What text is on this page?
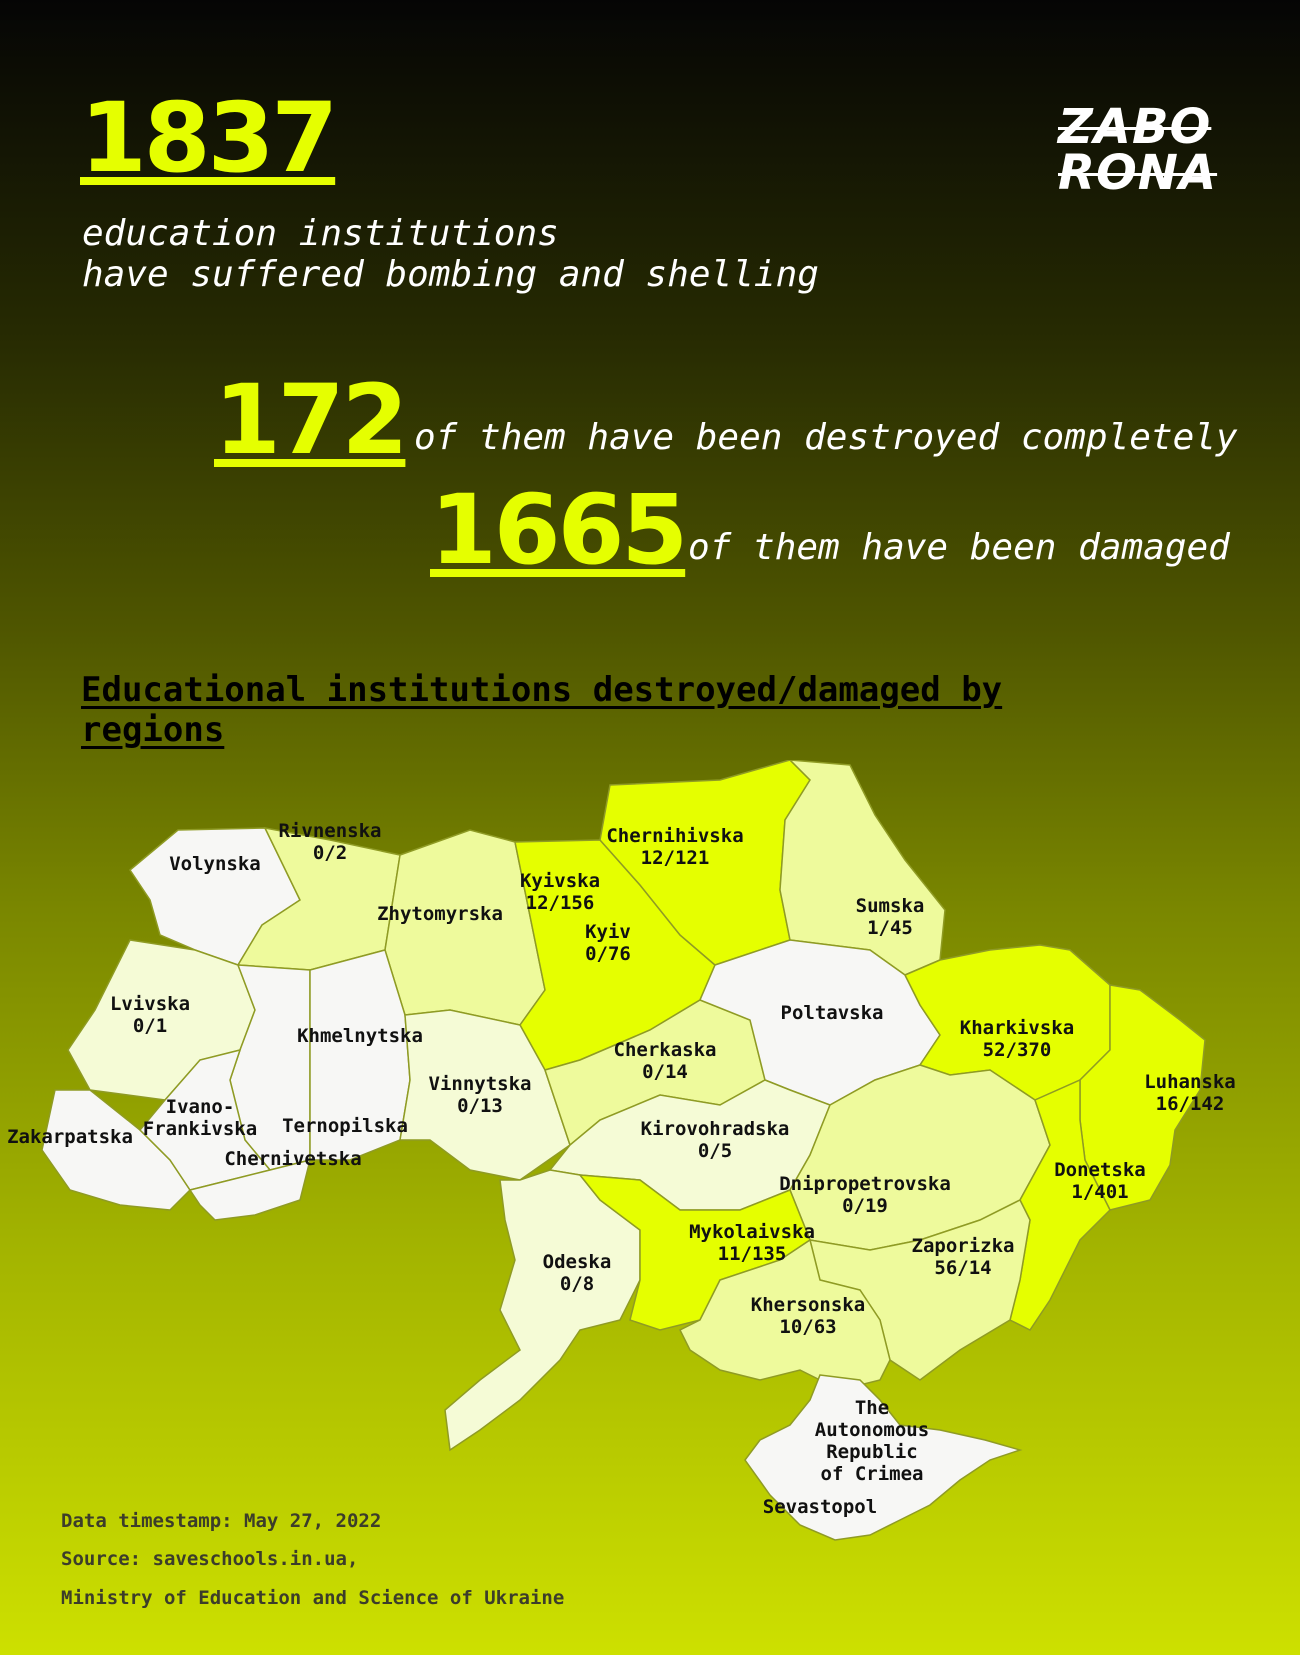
1837
education institutions
have suffered bombing and shelling
ZABO
RONA
172 of them have been destroyed completely
1665 of them have been damaged
Educational institutions destroyed/damaged by regions
Volynska
Rivnenska 0/2
Zhytomyrska
Kyivska 12/156
Kyiv 0/76
Chernihivska 12/121
Sumska 1/45
Lvivska 0/1
Ternopilska
Khmelnytska
Zakarpatska
Ivano-Frankivska
Chernivetska
Vinnytska 0/13
Cherkaska 0/14
Poltavska
Kharkivska 52/370
Luhanska 16/142
Kirovohradska 0/5
Dnipropetrovska 0/19
Donetska 1/401
Odeska 0/8
Mykolaivska 11/135	Zaporizka 56/14
Khersonska 10/63
The Autonomous Republic of Crimea
Sevastopol
Data timestamp: May 27, 2022
Source: saveschools.in.ua,
Ministry of Education and Science of Ukraine
